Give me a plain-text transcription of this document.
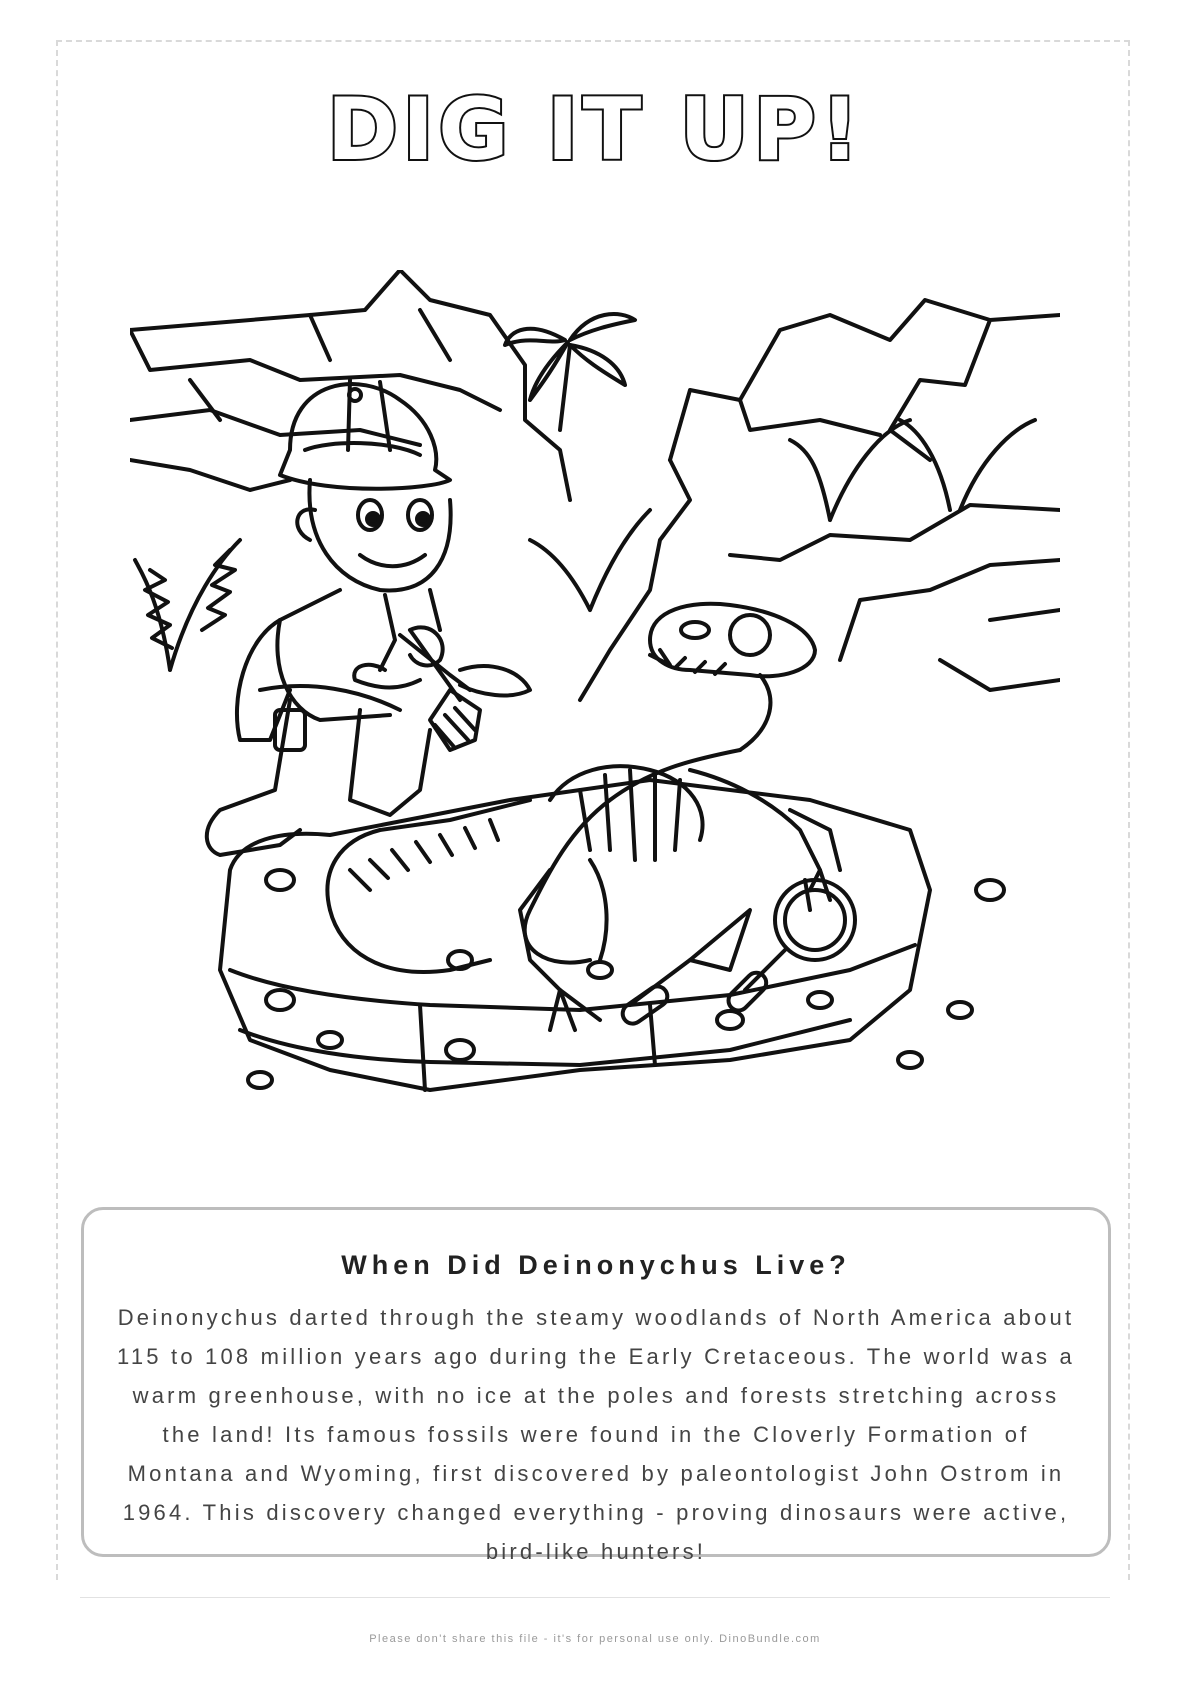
DIG IT UP!
When Did Deinonychus Live?
Deinonychus darted through the steamy woodlands of North America about 115 to 108 million years ago during the Early Cretaceous. The world was a warm greenhouse, with no ice at the poles and forests stretching across the land! Its famous fossils were found in the Cloverly Formation of Montana and Wyoming, first discovered by paleontologist John Ostrom in 1964. This discovery changed everything - proving dinosaurs were active, bird-like hunters!
Please don't share this file - it's for personal use only. DinoBundle.com
